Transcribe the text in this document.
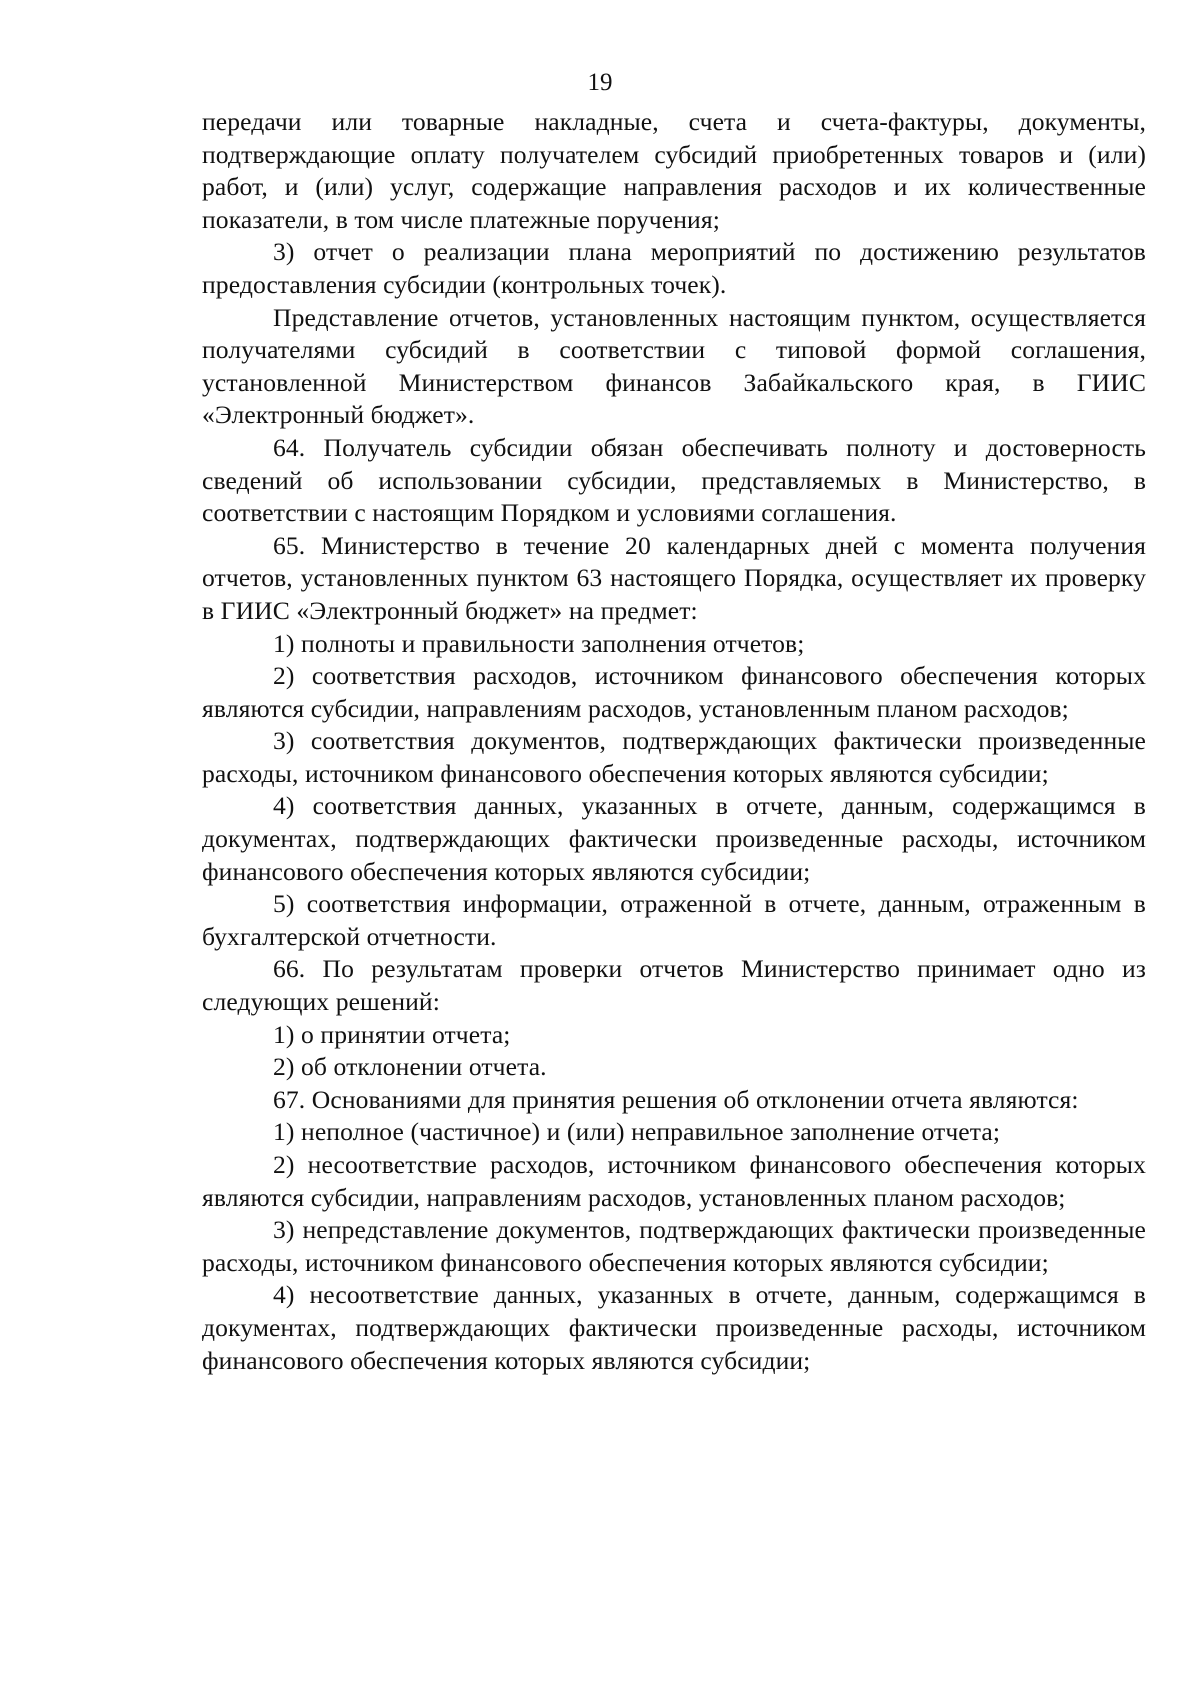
19

передачи или товарные накладные, счета и счета-фактуры, документы, подтверждающие оплату получателем субсидий приобретенных товаров и (или) работ, и (или) услуг, содержащие направления расходов и их количественные показатели, в том числе платежные поручения;

3) отчет о реализации плана мероприятий по достижению результатов предоставления субсидии (контрольных точек).

Представление отчетов, установленных настоящим пунктом, осуществляется получателями субсидий в соответствии с типовой формой соглашения, установленной Министерством финансов Забайкальского края, в ГИИС «Электронный бюджет».

64. Получатель субсидии обязан обеспечивать полноту и достоверность сведений об использовании субсидии, представляемых в Министерство, в соответствии с настоящим Порядком и условиями соглашения.

65. Министерство в течение 20 календарных дней с момента получения отчетов, установленных пунктом 63 настоящего Порядка, осуществляет их проверку в ГИИС «Электронный бюджет» на предмет:

1) полноты и правильности заполнения отчетов;

2) соответствия расходов, источником финансового обеспечения которых являются субсидии, направлениям расходов, установленным планом расходов;

3) соответствия документов, подтверждающих фактически произведенные расходы, источником финансового обеспечения которых являются субсидии;

4) соответствия данных, указанных в отчете, данным, содержащимся в документах, подтверждающих фактически произведенные расходы, источником финансового обеспечения которых являются субсидии;

5) соответствия информации, отраженной в отчете, данным, отраженным в бухгалтерской отчетности.

66. По результатам проверки отчетов Министерство принимает одно из следующих решений:

1) о принятии отчета;

2) об отклонении отчета.

67. Основаниями для принятия решения об отклонении отчета являются:

1) неполное (частичное) и (или) неправильное заполнение отчета;

2) несоответствие расходов, источником финансового обеспечения которых являются субсидии, направлениям расходов, установленных планом расходов;

3) непредставление документов, подтверждающих фактически произведенные расходы, источником финансового обеспечения которых являются субсидии;

4) несоответствие данных, указанных в отчете, данным, содержащимся в документах, подтверждающих фактически произведенные расходы, источником финансового обеспечения которых являются субсидии;
